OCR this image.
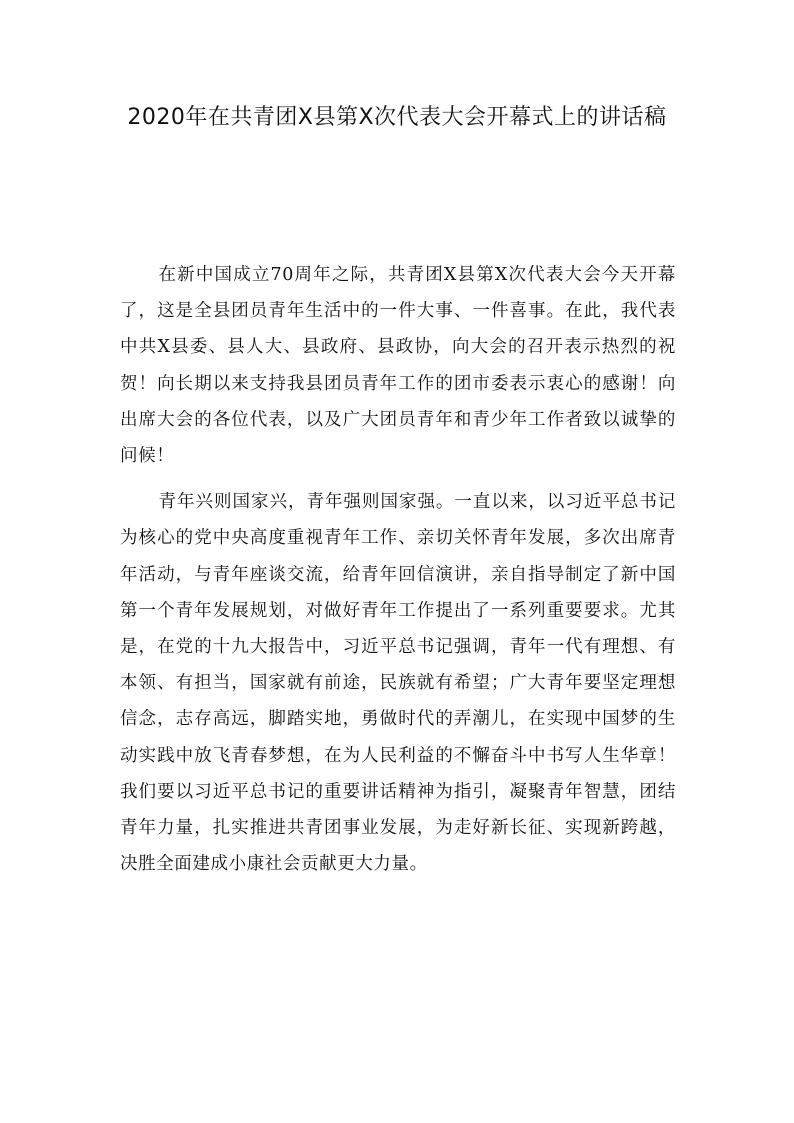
2020年在共青团X县第X次代表大会开幕式上的讲话稿

在新中国成立70周年之际，共青团X县第X次代表大会今天开幕了，这是全县团员青年生活中的一件大事、一件喜事。在此，我代表中共X县委、县人大、县政府、县政协，向大会的召开表示热烈的祝贺！向长期以来支持我县团员青年工作的团市委表示衷心的感谢！向出席大会的各位代表，以及广大团员青年和青少年工作者致以诚挚的问候！

青年兴则国家兴，青年强则国家强。一直以来，以习近平总书记为核心的党中央高度重视青年工作、亲切关怀青年发展，多次出席青年活动，与青年座谈交流，给青年回信演讲，亲自指导制定了新中国第一个青年发展规划，对做好青年工作提出了一系列重要要求。尤其是，在党的十九大报告中，习近平总书记强调，青年一代有理想、有本领、有担当，国家就有前途，民族就有希望；广大青年要坚定理想信念，志存高远，脚踏实地，勇做时代的弄潮儿，在实现中国梦的生动实践中放飞青春梦想，在为人民利益的不懈奋斗中书写人生华章！我们要以习近平总书记的重要讲话精神为指引，凝聚青年智慧，团结青年力量，扎实推进共青团事业发展，为走好新长征、实现新跨越，决胜全面建成小康社会贡献更大力量。
